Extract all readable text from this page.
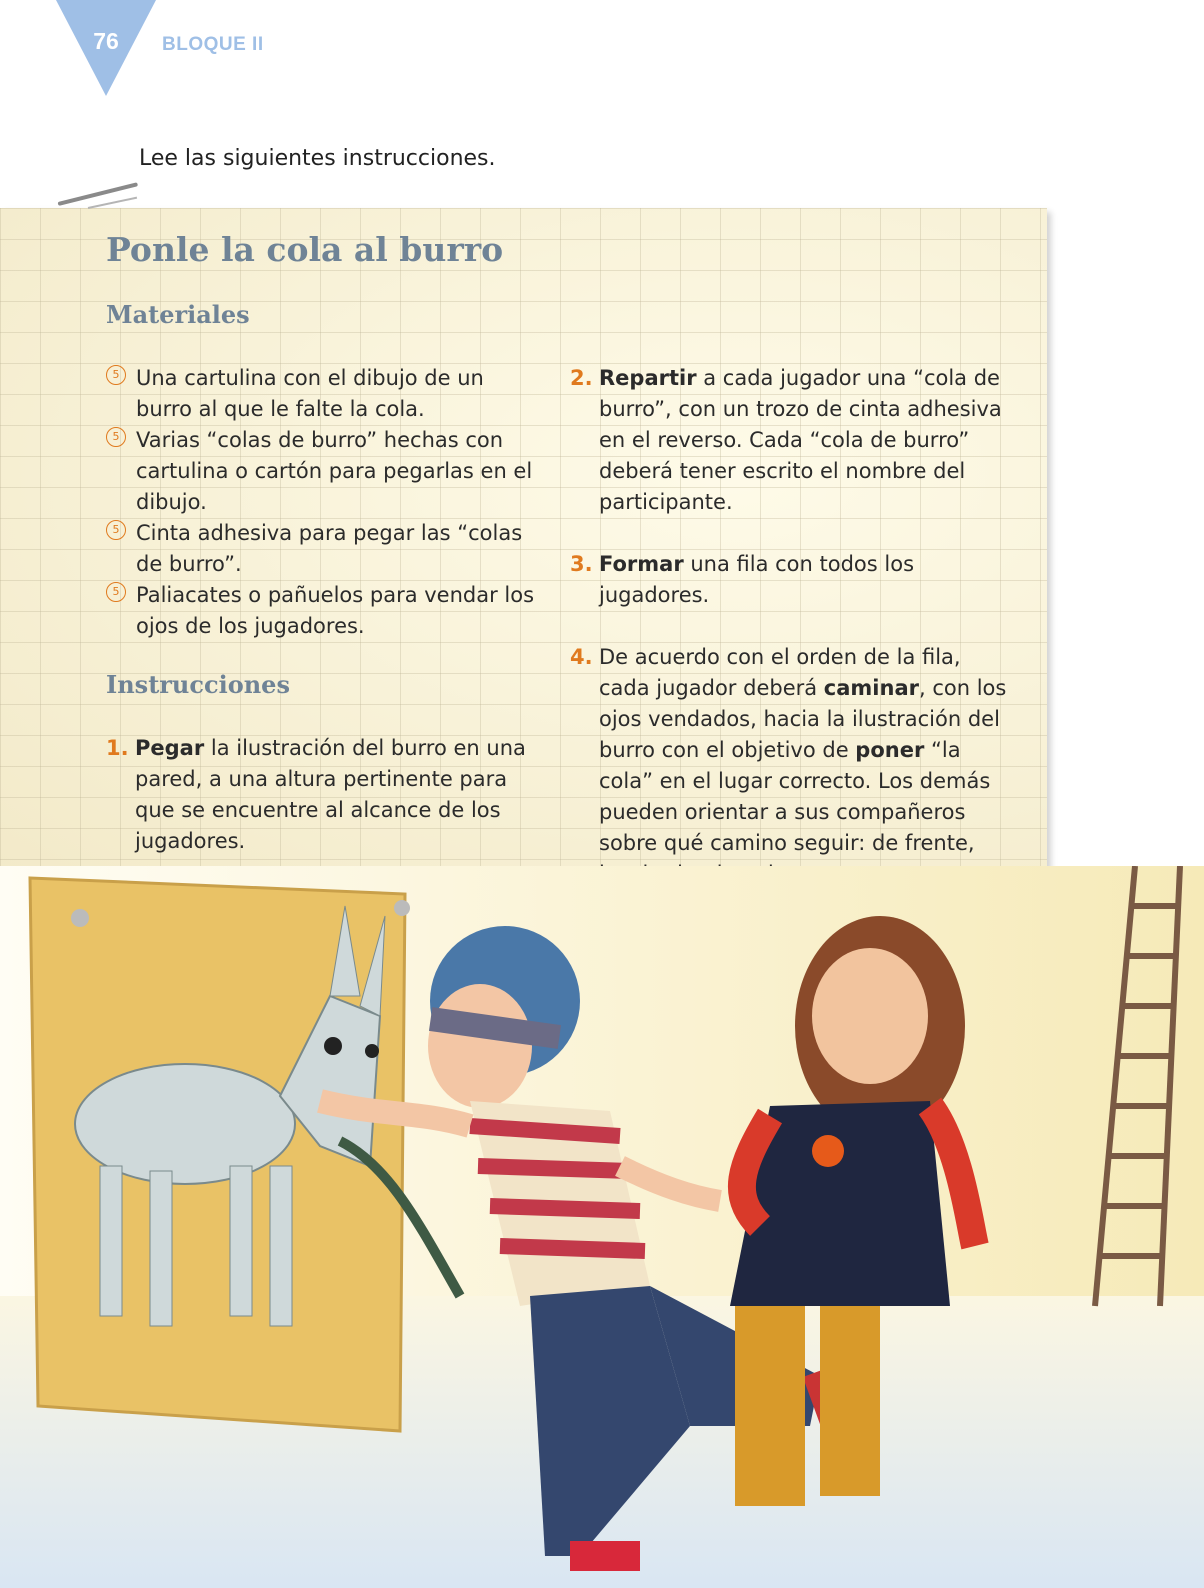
76	BLOQUE II
Lee las siguientes instrucciones.
Ponle la cola al burro
Materiales
5 Una cartulina con el dibujo de un burro al que le falte la cola.
5 Varias “colas de burro” hechas con cartulina o cartón para pegarlas en el dibujo.
5 Cinta adhesiva para pegar las “colas de burro”.
5 Paliacates o pañuelos para vendar los ojos de los jugadores.
Instrucciones
1. Pegar la ilustración del burro en una pared, a una altura pertinente para que se encuentre al alcance de los jugadores.
2. Repartir a cada jugador una “cola de burro”, con un trozo de cinta adhesiva en el reverso. Cada “cola de burro” deberá tener escrito el nombre del participante.
3. Formar una fila con todos los jugadores.
4. De acuerdo con el orden de la fila, cada jugador deberá caminar, con los ojos vendados, hacia la ilustración del burro con el objetivo de poner “la cola” en el lugar correcto. Los demás pueden orientar a sus compañeros sobre qué camino seguir: de frente,
